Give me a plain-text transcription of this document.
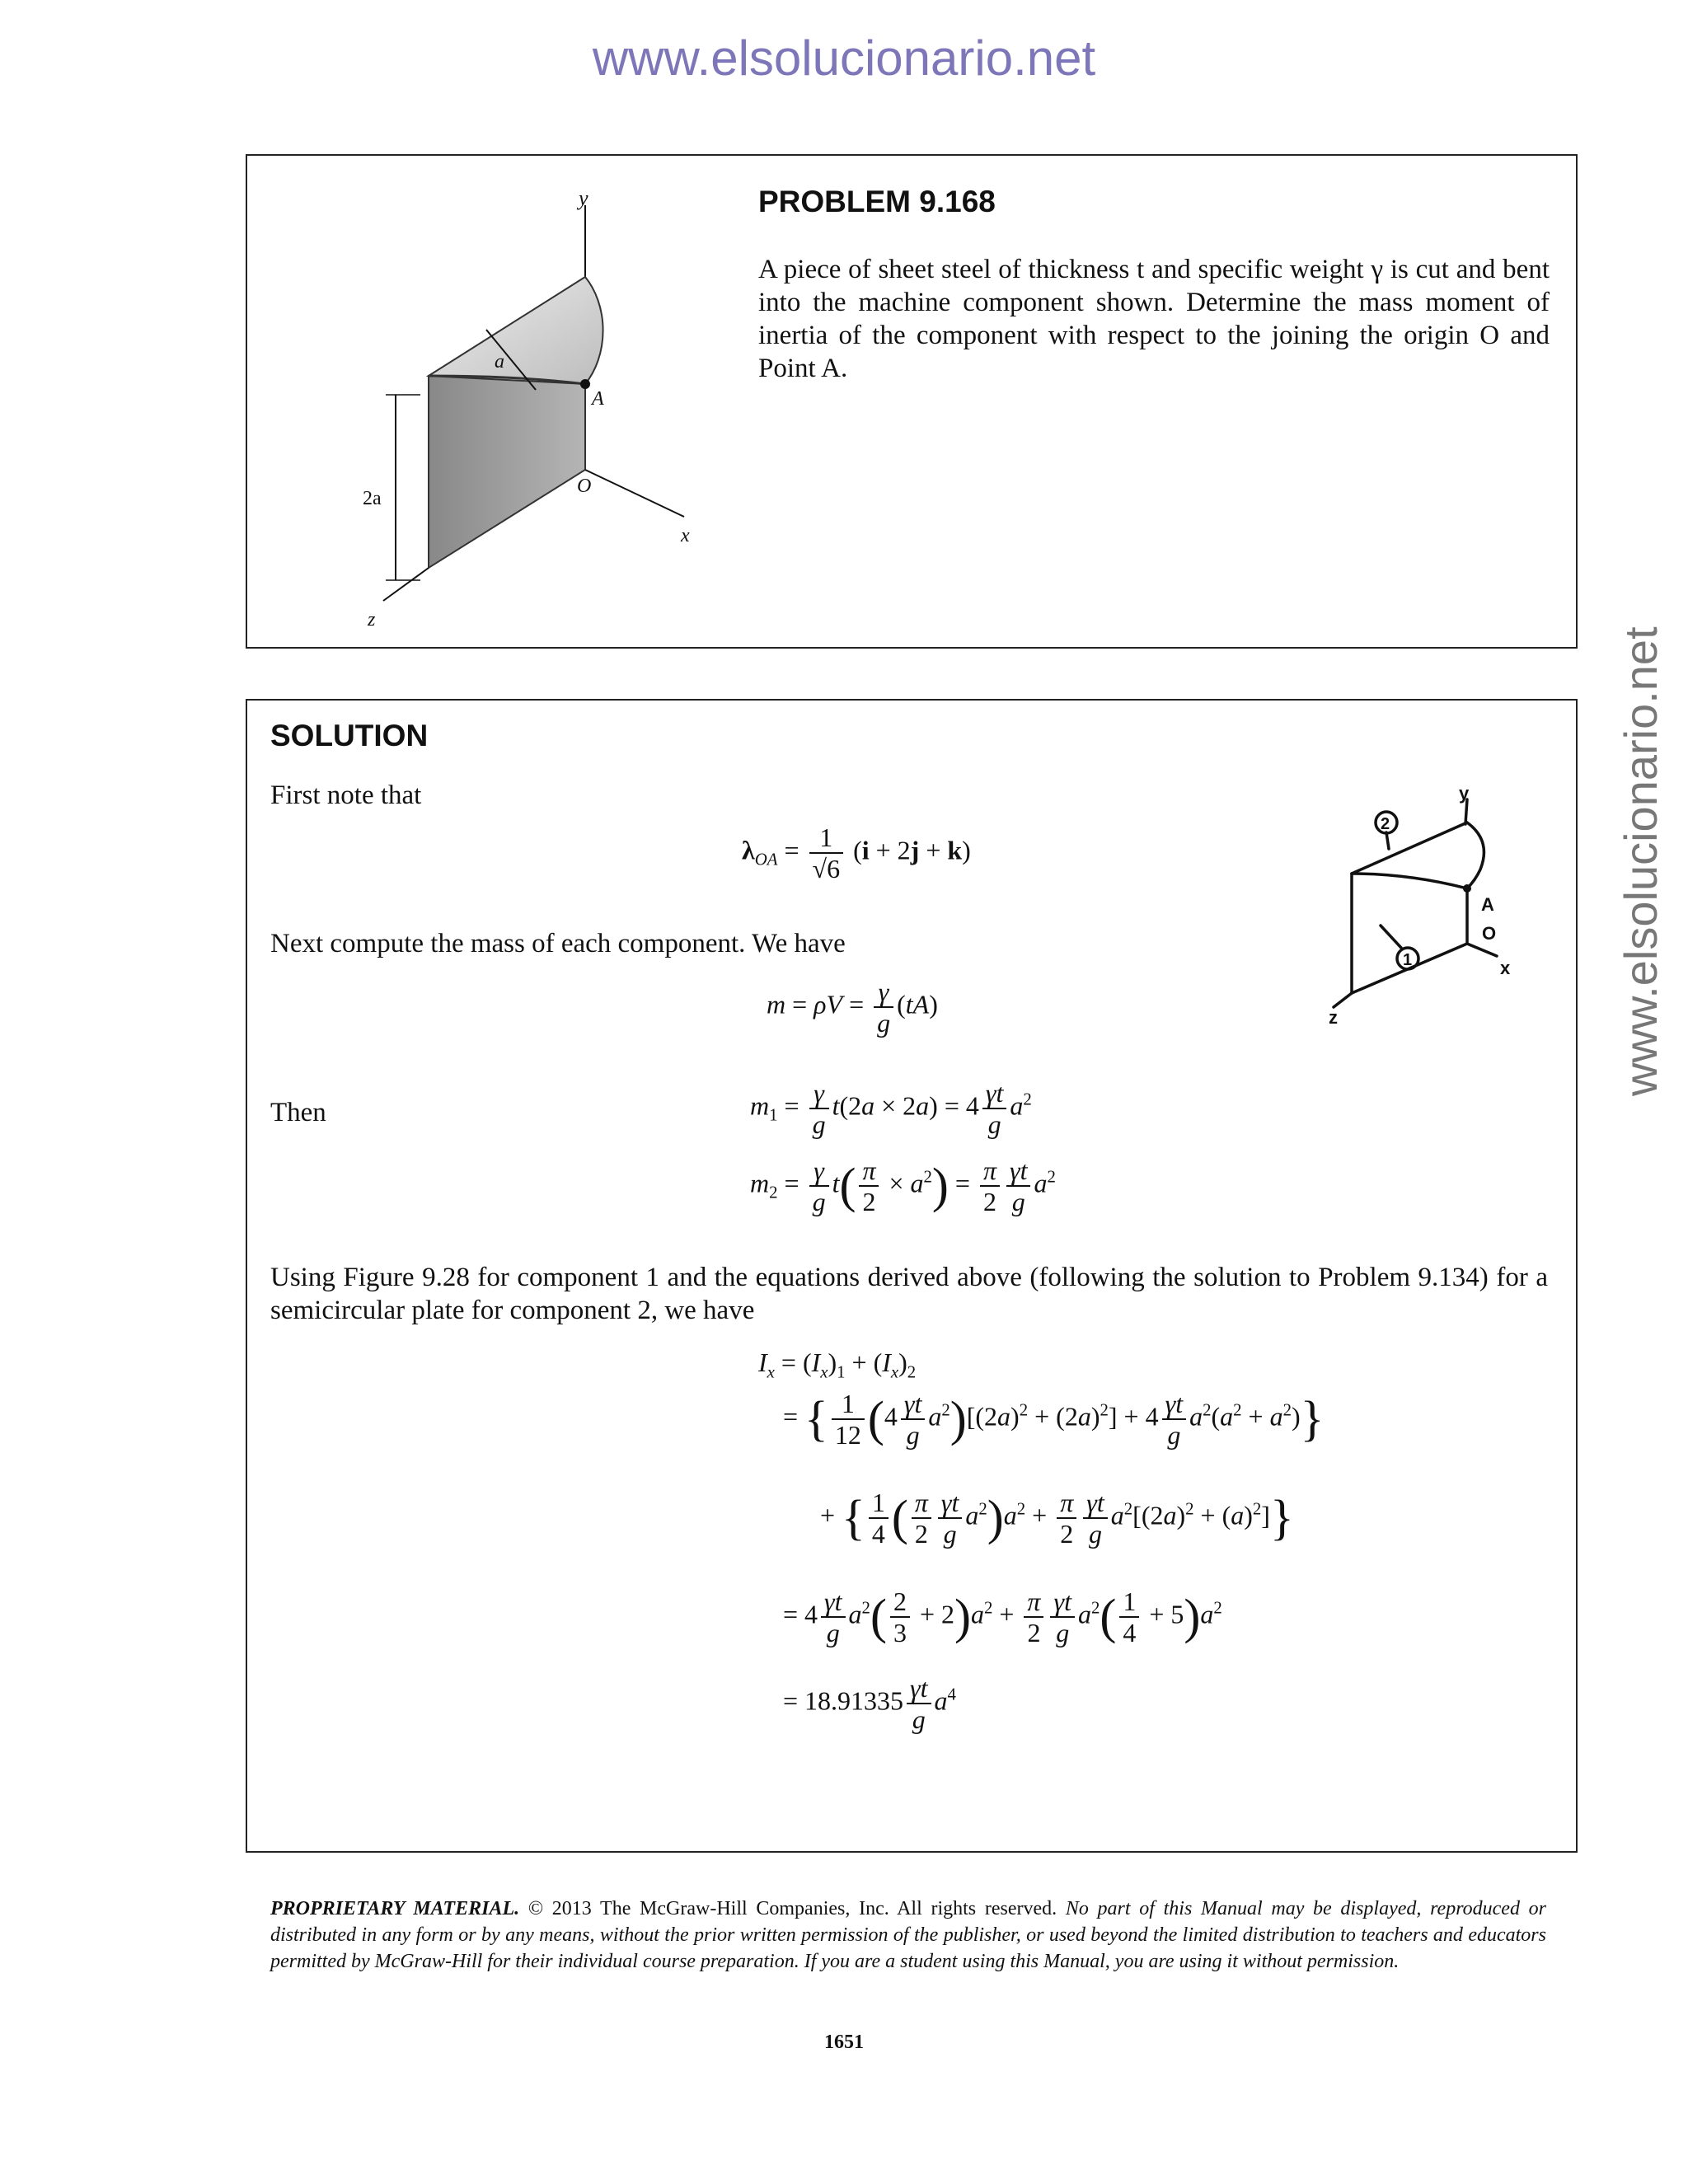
www.elsolucionario.net
www.elsolucionario.net
y
a
A
O
x
2a
z
PROBLEM 9.168
A piece of sheet steel of thickness t and specific weight γ is cut and bent into the machine component shown. Determine the mass moment of inertia of the component with respect to the joining the origin O and Point A.
SOLUTION
First note that
$\lambda_{OA} = \frac{1}{√6} (i + 2j + k)$
Next compute the mass of each component. We have
$m = \rho V = \frac{\gamma}{g} (tA)$
Then	$m_1 = \frac{\gamma}{g} t(2a \times 2a) = 4 \frac{\gamma t}{g} a^2$
$m_2 = \frac{\gamma}{g} t( \frac{\pi}{2} \times a^2) = \frac{\pi}{2} \frac{\gamma t}{g} a^2$
Using Figure 9.28 for component 1 and the equations derived above (following the solution to Problem 9.134) for a semicircular plate for component 2, we have
$I_x = (I_x)_1 + (I_x)_2$
= { $\frac{1}{12} (4 \frac{\gamma t}{g} a^2)[(2a)^2 + (2a)^2] + 4 \frac{\gamma t}{g} a^2(a^2 + a^2)$}
+ { $\frac{1}{4}$ ( $\frac{\pi}{2} \frac{\gamma t}{g} a^2)a^2 + \frac{\pi}{2} \frac{\gamma t}{g} a^2[(2a)^2 + (a)^2]$}
= $4 \frac{\gamma t}{g} a^2( \frac{2}{3} + 2)a^2 + \frac{\pi}{2} \frac{\gamma t}{g} a^2( \frac{1}{4} + 5)a^2$
= $18.91335 \frac{\gamma t}{g} a^4$
y
A
O
x
z
2
1
PROPRIETARY MATERIAL. © 2013 The McGraw-Hill Companies, Inc. All rights reserved. No part of this Manual may be displayed, reproduced or distributed in any form or by any means, without the prior written permission of the publisher, or used beyond the limited distribution to teachers and educators permitted by McGraw-Hill for their individual course preparation. If you are a student using this Manual, you are using it without permission.
1651
